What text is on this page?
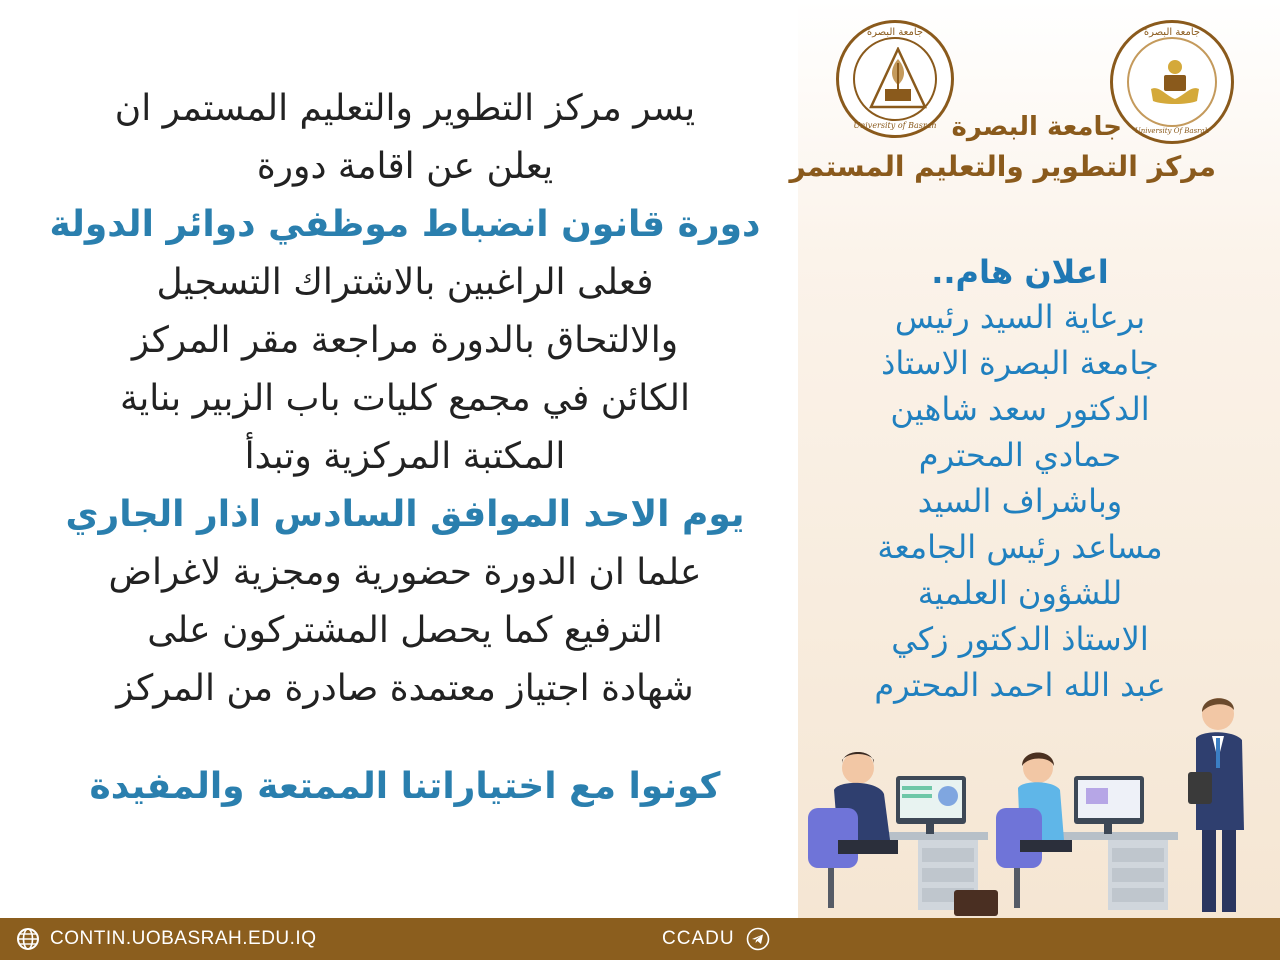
جامعة البصرة
University of Basrah
جامعة البصرة
University Of Basrah
جامعة البصرة
مركز التطوير والتعليم المستمر
اعلان هام..
برعاية السيد رئيس
جامعة البصرة الاستاذ
الدكتور سعد شاهين
حمادي المحترم
وباشراف السيد
مساعد رئيس الجامعة
للشؤون العلمية
الاستاذ الدكتور زكي
عبد الله احمد المحترم
يسر مركز التطوير والتعليم المستمر ان
يعلن عن اقامة دورة
دورة قانون انضباط موظفي دوائر الدولة
فعلى الراغبين بالاشتراك التسجيل
والالتحاق بالدورة مراجعة مقر المركز
الكائن في مجمع كليات باب الزبير بناية
المكتبة المركزية وتبدأ
يوم الاحد الموافق السادس اذار الجاري
علما ان الدورة حضورية ومجزية لاغراض
الترفيع كما يحصل المشتركون على
شهادة اجتياز معتمدة صادرة من المركز
كونوا مع اختياراتنا الممتعة والمفيدة
CONTIN.UOBASRAH.EDU.IQ	CCADU
